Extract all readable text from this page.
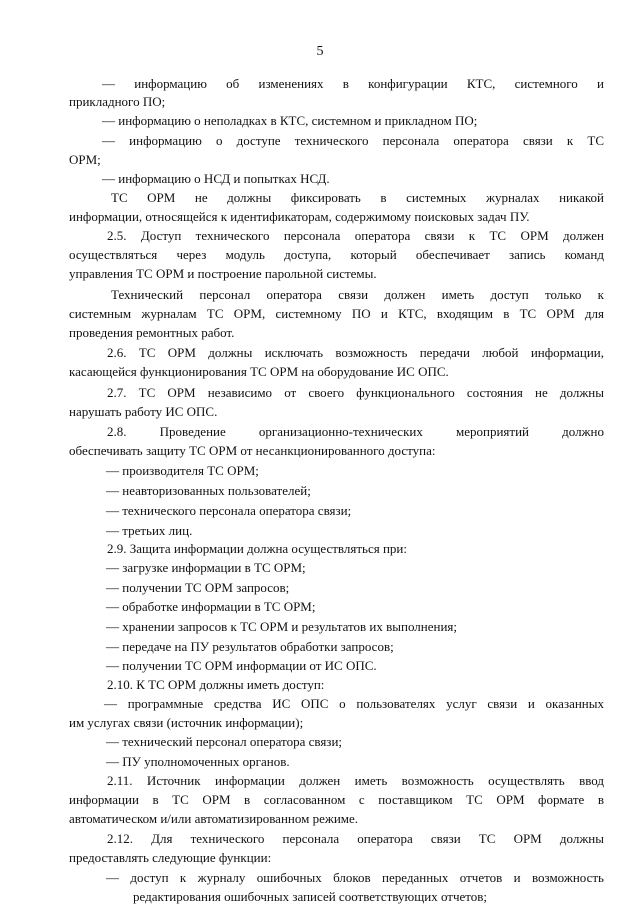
5
— информацию об изменениях в конфигурации КТС, системного и
прикладного ПО;
— информацию о неполадках в КТС, системном и прикладном ПО;
— информацию о доступе технического персонала оператора связи к ТС
ОРМ;
— информацию о НСД и попытках НСД.
ТС ОРМ не должны фиксировать в системных журналах никакой
информации, относящейся к идентификаторам, содержимому поисковых задач ПУ.
2.5. Доступ технического персонала оператора связи к ТС ОРМ должен
осуществляться через модуль доступа, который обеспечивает запись команд
управления ТС ОРМ и построение парольной системы.
Технический персонал оператора связи должен иметь доступ только к
системным журналам ТС ОРМ, системному ПО и КТС, входящим в ТС ОРМ для
проведения ремонтных работ.
2.6. ТС ОРМ должны исключать возможность передачи любой информации,
касающейся функционирования ТС ОРМ на оборудование ИС ОПС.
2.7. ТС ОРМ независимо от своего функционального состояния не должны
нарушать работу ИС ОПС.
2.8. Проведение организационно-технических мероприятий должно
обеспечивать защиту ТС ОРМ от несанкционированного доступа:
— производителя ТС ОРМ;
— неавторизованных пользователей;
— технического персонала оператора связи;
— третьих лиц.
2.9. Защита информации должна осуществляться при:
— загрузке информации в ТС ОРМ;
— получении ТС ОРМ запросов;
— обработке информации в ТС ОРМ;
— хранении запросов к ТС ОРМ и результатов их выполнения;
— передаче на ПУ результатов обработки запросов;
— получении ТС ОРМ информации от ИС ОПС.
2.10. К ТС ОРМ должны иметь доступ:
— программные средства ИС ОПС о пользователях услуг связи и оказанных
им услугах связи (источник информации);
— технический персонал оператора связи;
— ПУ уполномоченных органов.
2.11. Источник информации должен иметь возможность осуществлять ввод
информации в ТС ОРМ в согласованном с поставщиком ТС ОРМ формате в
автоматическом и/или автоматизированном режиме.
2.12. Для технического персонала оператора связи ТС ОРМ должны
предоставлять следующие функции:
— доступ к журналу ошибочных блоков переданных отчетов и возможность
редактирования ошибочных записей соответствующих отчетов;
